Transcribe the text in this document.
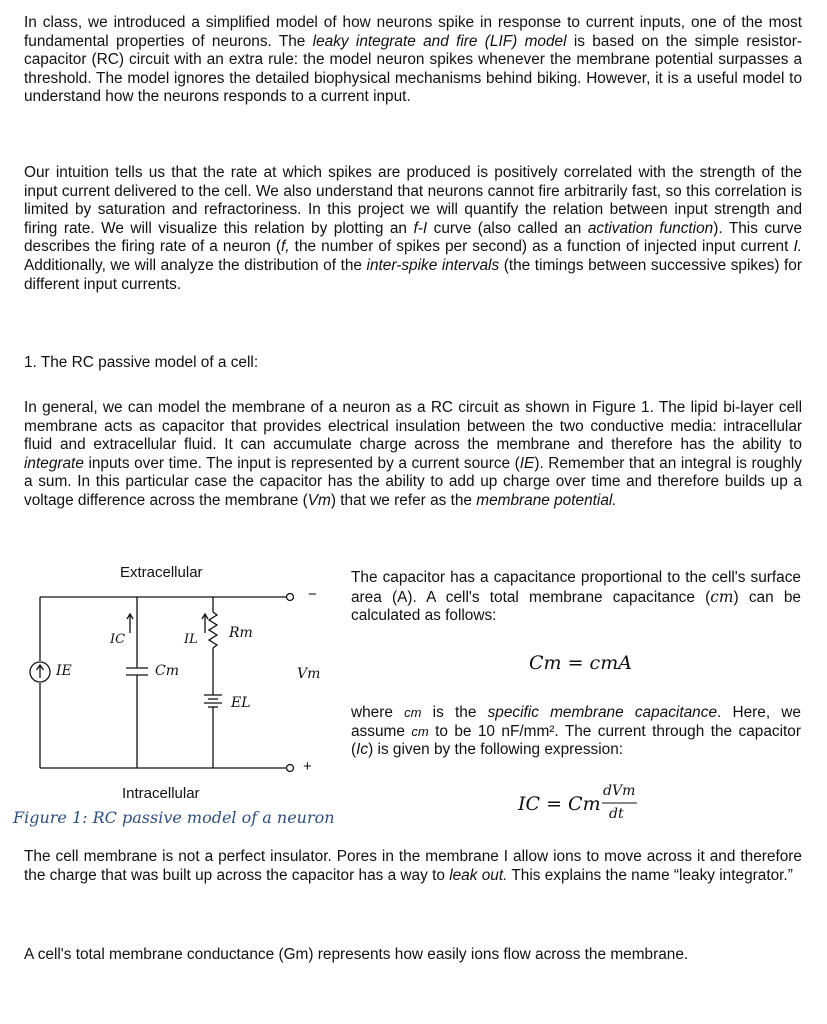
In class, we introduced a simplified model of how neurons spike in response to current inputs, one of the most fundamental properties of neurons. The leaky integrate and fire (LIF) model is based on the simple resistor-capacitor (RC) circuit with an extra rule: the model neuron spikes whenever the membrane potential surpasses a threshold. The model ignores the detailed biophysical mechanisms behind biking. However, it is a useful model to understand how the neurons responds to a current input.

Our intuition tells us that the rate at which spikes are produced is positively correlated with the strength of the input current delivered to the cell. We also understand that neurons cannot fire arbitrarily fast, so this correlation is limited by saturation and refractoriness. In this project we will quantify the relation between input strength and firing rate. We will visualize this relation by plotting an f-I curve (also called an activation function). This curve describes the firing rate of a neuron (f, the number of spikes per second) as a function of injected input current I. Additionally, we will analyze the distribution of the inter-spike intervals (the timings between successive spikes) for different input currents.

1. The RC passive model of a cell:

In general, we can model the membrane of a neuron as a RC circuit as shown in Figure 1. The lipid bi-layer cell membrane acts as capacitor that provides electrical insulation between the two conductive media: intracellular fluid and extracellular fluid. It can accumulate charge across the membrane and therefore has the ability to integrate inputs over time. The input is represented by a current source (IE). Remember that an integral is roughly a sum. In this particular case the capacitor has the ability to add up charge over time and therefore builds up a voltage difference across the membrane (Vm) that we refer as the membrane potential.

Extracellular
Intracellular
−
+
IE
IC	IL
Cm
Rm
EL
Vm
Figure 1: RC passive model of a neuron

The capacitor has a capacitance proportional to the cell's surface area (A). A cell's total membrane capacitance (cm) can be calculated as follows:

Cm = cmA

where cm is the specific membrane capacitance. Here, we assume cm to be 10 nF/mm². The current through the capacitor (Ic) is given by the following expression:

IC = Cm
dVm
dt

The cell membrane is not a perfect insulator. Pores in the membrane I allow ions to move across it and therefore the charge that was built up across the capacitor has a way to leak out. This explains the name “leaky integrator.”

A cell's total membrane conductance (Gm) represents how easily ions flow across the membrane.
